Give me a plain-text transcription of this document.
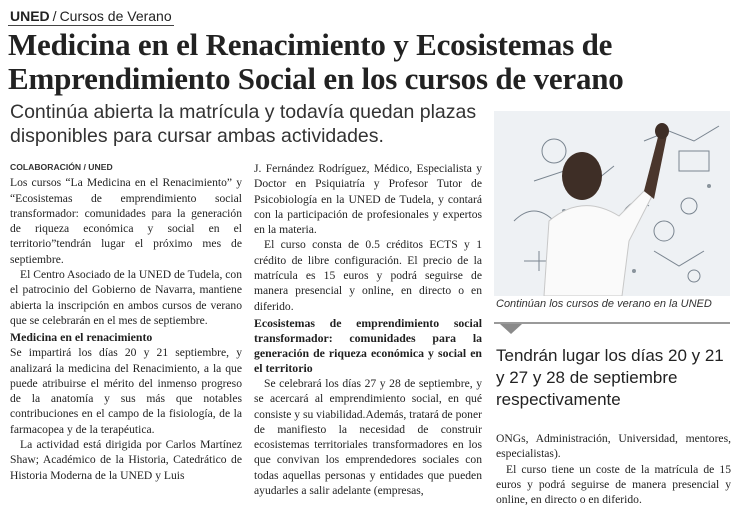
UNED / Cursos de Verano
Medicina en el Renacimiento y Ecosistemas de Emprendimiento Social en los cursos de verano

Continúa abierta la matrícula y todavía quedan plazas disponibles para cursar ambas actividades.

COLABORACIÓN / UNED

Los cursos “La Medicina en el Renacimiento” y “Ecosistemas de emprendimiento social transformador: comunidades para la generación de riqueza económica y social en el territorio”tendrán lugar el próximo mes de septiembre.

El Centro Asociado de la UNED de Tudela, con el patrocinio del Gobierno de Navarra, mantiene abierta la inscripción en ambos cursos de verano que se celebrarán en el mes de septiembre.

Medicina en el renacimiento

Se impartirá los días 20 y 21 septiembre, y analizará la medicina del Renacimiento, a la que puede atribuirse el mérito del inmenso progreso de la anatomía y sus más que notables contribuciones en el campo de la fisiología, de la farmacopea y de la terapéutica.

La actividad está dirigida por Carlos Martínez Shaw; Académico de la Historia, Catedrático de Historia Moderna de la UNED y Luis

J. Fernández Rodríguez, Médico, Especialista y Doctor en Psiquiatría y Profesor Tutor de Psicobiología en la UNED de Tudela, y contará con la participación de profesionales y expertos en la materia.

El curso consta de 0.5 créditos ECTS y 1 crédito de libre configuración. El precio de la matrícula es 15 euros y podrá seguirse de manera presencial y online, en directo o en diferido.

Ecosistemas de emprendimiento social transformador: comunidades para la generación de riqueza económica y social en el territorio

Se celebrará los días 27 y 28 de septiembre, y se acercará al emprendimiento social, en qué consiste y su viabilidad.Además, tratará de poner de manifiesto la necesidad de construir ecosistemas territoriales transformadores en los que convivan los emprendedores sociales con todas aquellas personas y entidades que pueden ayudarles a salir adelante (empresas,

Continúan los cursos de verano en la UNED

Tendrán lugar los días 20 y 21 y 27 y 28 de septiembre respectivamente

ONGs, Administración, Universidad, mentores, especialistas).

El curso tiene un coste de la matrícula de 15 euros y podrá seguirse de manera presencial y online, en directo o en diferido.
